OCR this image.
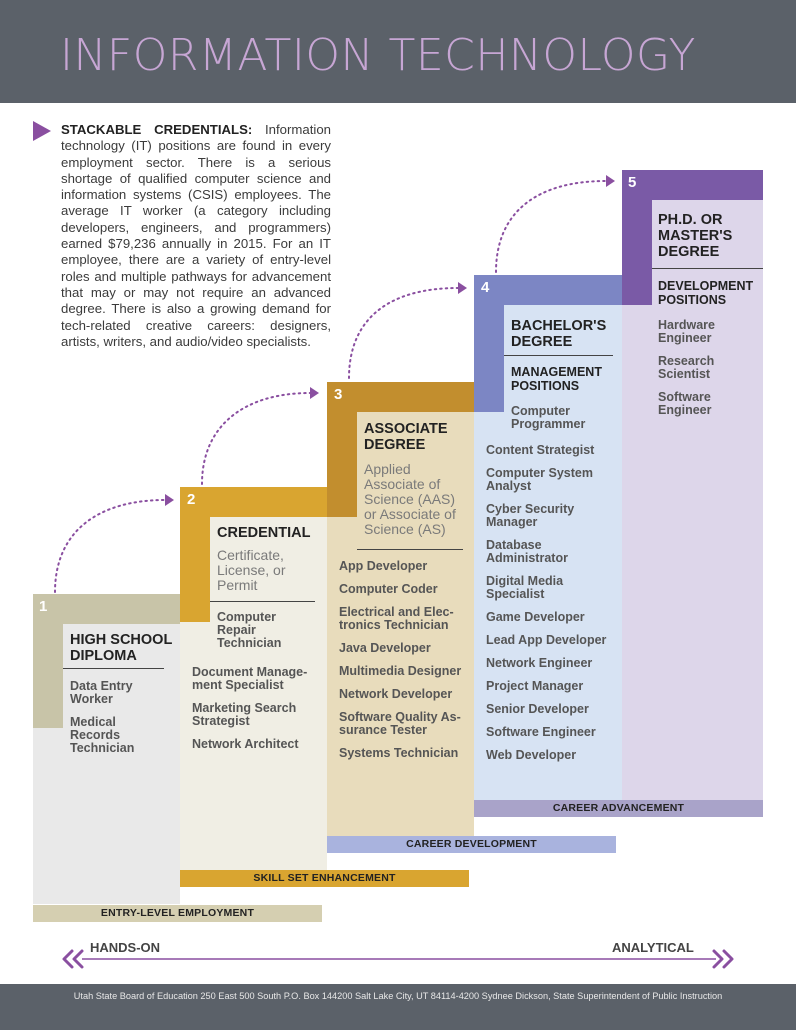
INFORMATION TECHNOLOGY
STACKABLE CREDENTIALS: Information technology (IT) positions are found in every employment sector. There is a serious shortage of qualified computer science and information systems (CSIS) employees. The average IT worker (a category including developers, engineers, and programmers) earned $79,236 annually in 2015. For an IT employee, there are a variety of entry-level roles and multiple pathways for advancement that may or may not require an advanced degree. There is also a growing demand for tech-related creative careers: designers, artists, writers, and audio/video specialists.
5
4
3
2
1
HIGH SCHOOL
DIPLOMA
Data Entry
Worker
Medical
Records
Technician
CREDENTIAL
Certificate,
License, or
Permit
Computer
Repair
Technician
Document Manage-
ment Specialist
Marketing Search
Strategist
Network Architect
ASSOCIATE
DEGREE
Applied
Associate of
Science (AAS)
or Associate of
Science (AS)
App Developer
Computer Coder
Electrical and Elec-
tronics Technician
Java Developer
Multimedia Designer
Network Developer
Software Quality As-
surance Tester
Systems Technician
BACHELOR'S
DEGREE
MANAGEMENT
POSITIONS
Computer
Programmer
Content Strategist
Computer System
Analyst
Cyber Security
Manager
Database
Administrator
Digital Media
Specialist
Game Developer
Lead App Developer
Network Engineer
Project Manager
Senior Developer
Software Engineer
Web Developer
PH.D. OR
MASTER'S
DEGREE
DEVELOPMENT
POSITIONS
Hardware
Engineer
Research
Scientist
Software
Engineer
CAREER ADVANCEMENT
CAREER DEVELOPMENT
SKILL SET ENHANCEMENT
ENTRY-LEVEL EMPLOYMENT
HANDS-ON	ANALYTICAL
Utah State Board of Education 250 East 500 South P.O. Box 144200 Salt Lake City, UT 84114-4200 Sydnee Dickson, State Superintendent of Public Instruction
